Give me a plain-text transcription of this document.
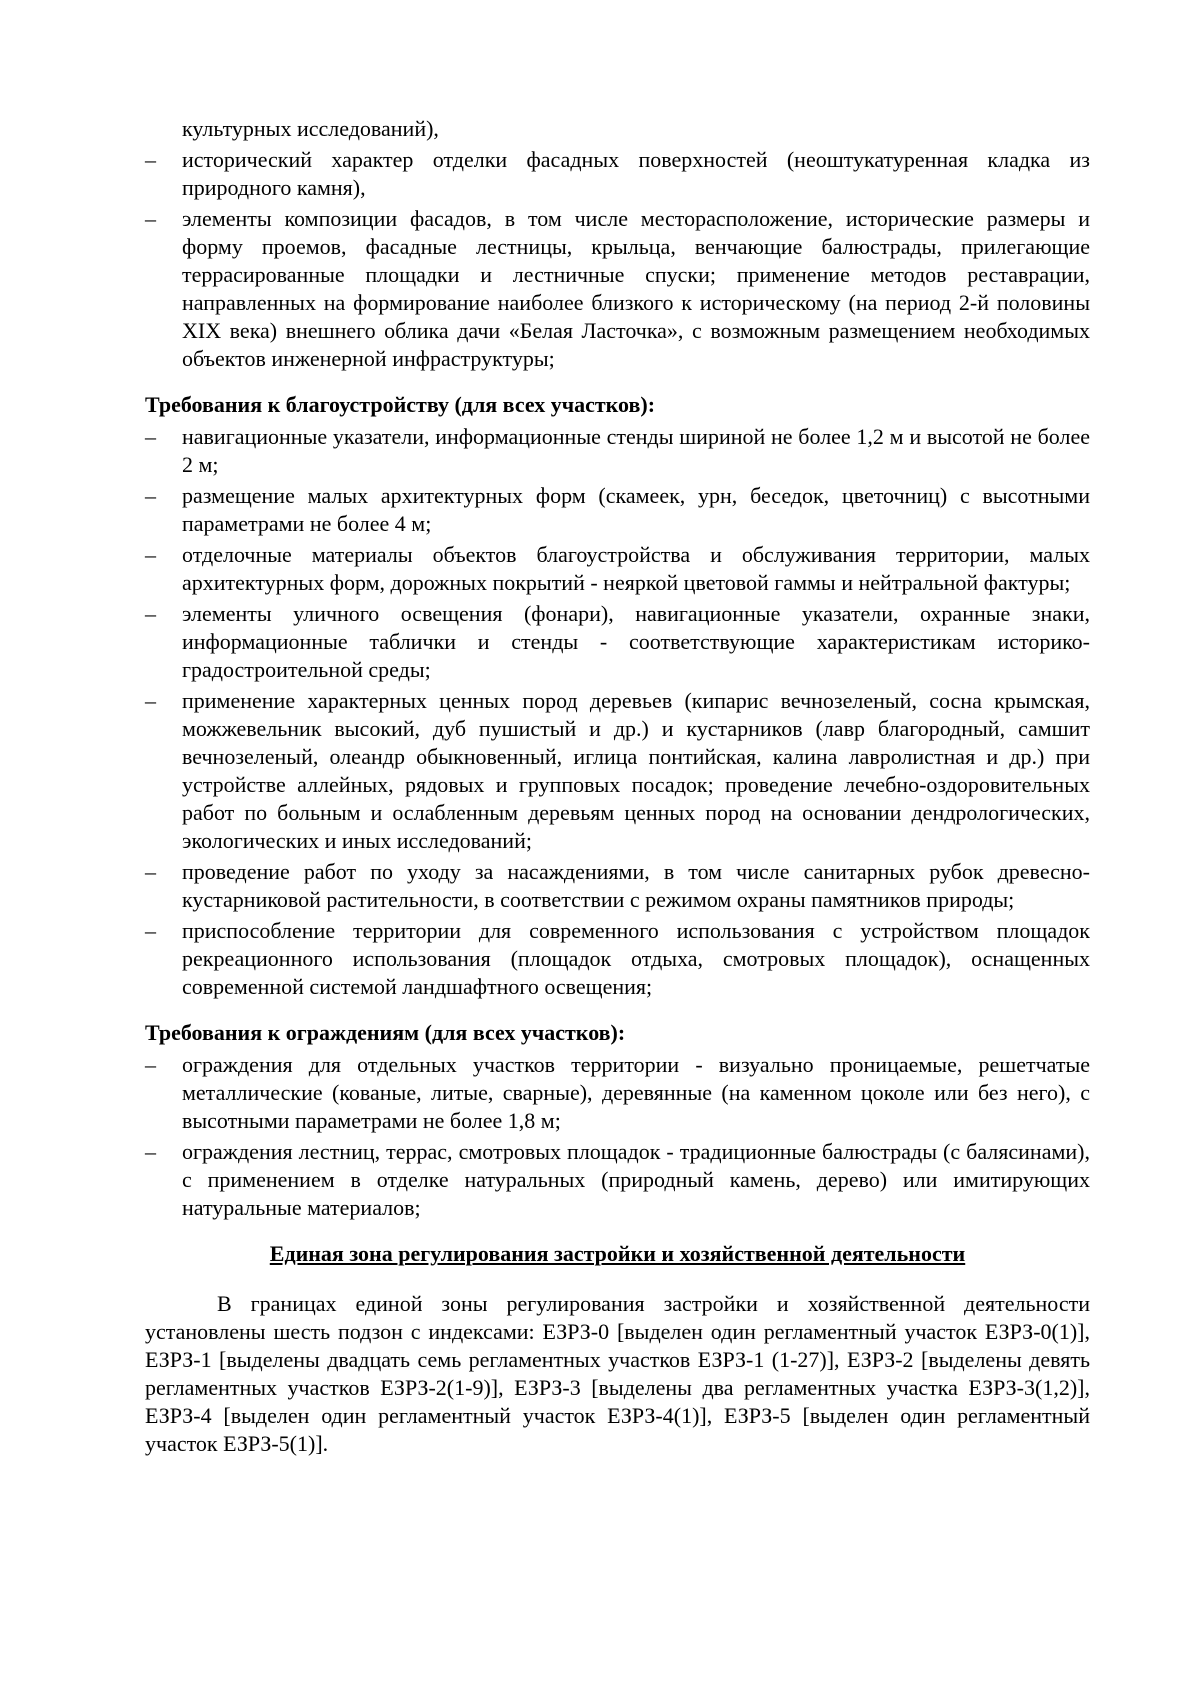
культурных исследований),
– исторический характер отделки фасадных поверхностей (неоштукатуренная кладка из природного камня),
– элементы композиции фасадов, в том числе месторасположение, исторические размеры и форму проемов, фасадные лестницы, крыльца, венчающие балюстрады, прилегающие террасированные площадки и лестничные спуски; применение методов реставрации, направленных на формирование наиболее близкого к историческому (на период 2-й половины XIX века) внешнего облика дачи «Белая Ласточка», с возможным размещением необходимых объектов инженерной инфраструктуры;
Требования к благоустройству (для всех участков):
– навигационные указатели, информационные стенды шириной не более 1,2 м и высотой не более 2 м;
– размещение малых архитектурных форм (скамеек, урн, беседок, цветочниц) с высотными параметрами не более 4 м;
– отделочные материалы объектов благоустройства и обслуживания территории, малых архитектурных форм, дорожных покрытий - неяркой цветовой гаммы и нейтральной фактуры;
– элементы уличного освещения (фонари), навигационные указатели, охранные знаки, информационные таблички и стенды - соответствующие характеристикам историко-градостроительной среды;
– применение характерных ценных пород деревьев (кипарис вечнозеленый, сосна крымская, можжевельник высокий, дуб пушистый и др.) и кустарников (лавр благородный, самшит вечнозеленый, олеандр обыкновенный, иглица понтийская, калина лавролистная и др.) при устройстве аллейных, рядовых и групповых посадок; проведение лечебно-оздоровительных работ по больным и ослабленным деревьям ценных пород на основании дендрологических, экологических и иных исследований;
– проведение работ по уходу за насаждениями, в том числе санитарных рубок древесно-кустарниковой растительности, в соответствии с режимом охраны памятников природы;
– приспособление территории для современного использования с устройством площадок рекреационного использования (площадок отдыха, смотровых площадок), оснащенных современной системой ландшафтного освещения;
Требования к ограждениям (для всех участков):
– ограждения для отдельных участков территории - визуально проницаемые, решетчатые металлические (кованые, литые, сварные), деревянные (на каменном цоколе или без него), с высотными параметрами не более 1,8 м;
– ограждения лестниц, террас, смотровых площадок - традиционные балюстрады (с балясинами), с применением в отделке натуральных (природный камень, дерево) или имитирующих натуральные материалов;
Единая зона регулирования застройки и хозяйственной деятельности

В границах единой зоны регулирования застройки и хозяйственной деятельности установлены шесть подзон с индексами: ЕЗРЗ-0 [выделен один регламентный участок ЕЗРЗ-0(1)], ЕЗРЗ-1 [выделены двадцать семь регламентных участков ЕЗРЗ-1 (1-27)], ЕЗРЗ-2 [выделены девять регламентных участков ЕЗРЗ-2(1-9)], ЕЗРЗ-3 [выделены два регламентных участка ЕЗРЗ-3(1,2)], ЕЗРЗ-4 [выделен один регламентный участок ЕЗРЗ-4(1)], ЕЗРЗ-5 [выделен один регламентный участок ЕЗРЗ-5(1)].
